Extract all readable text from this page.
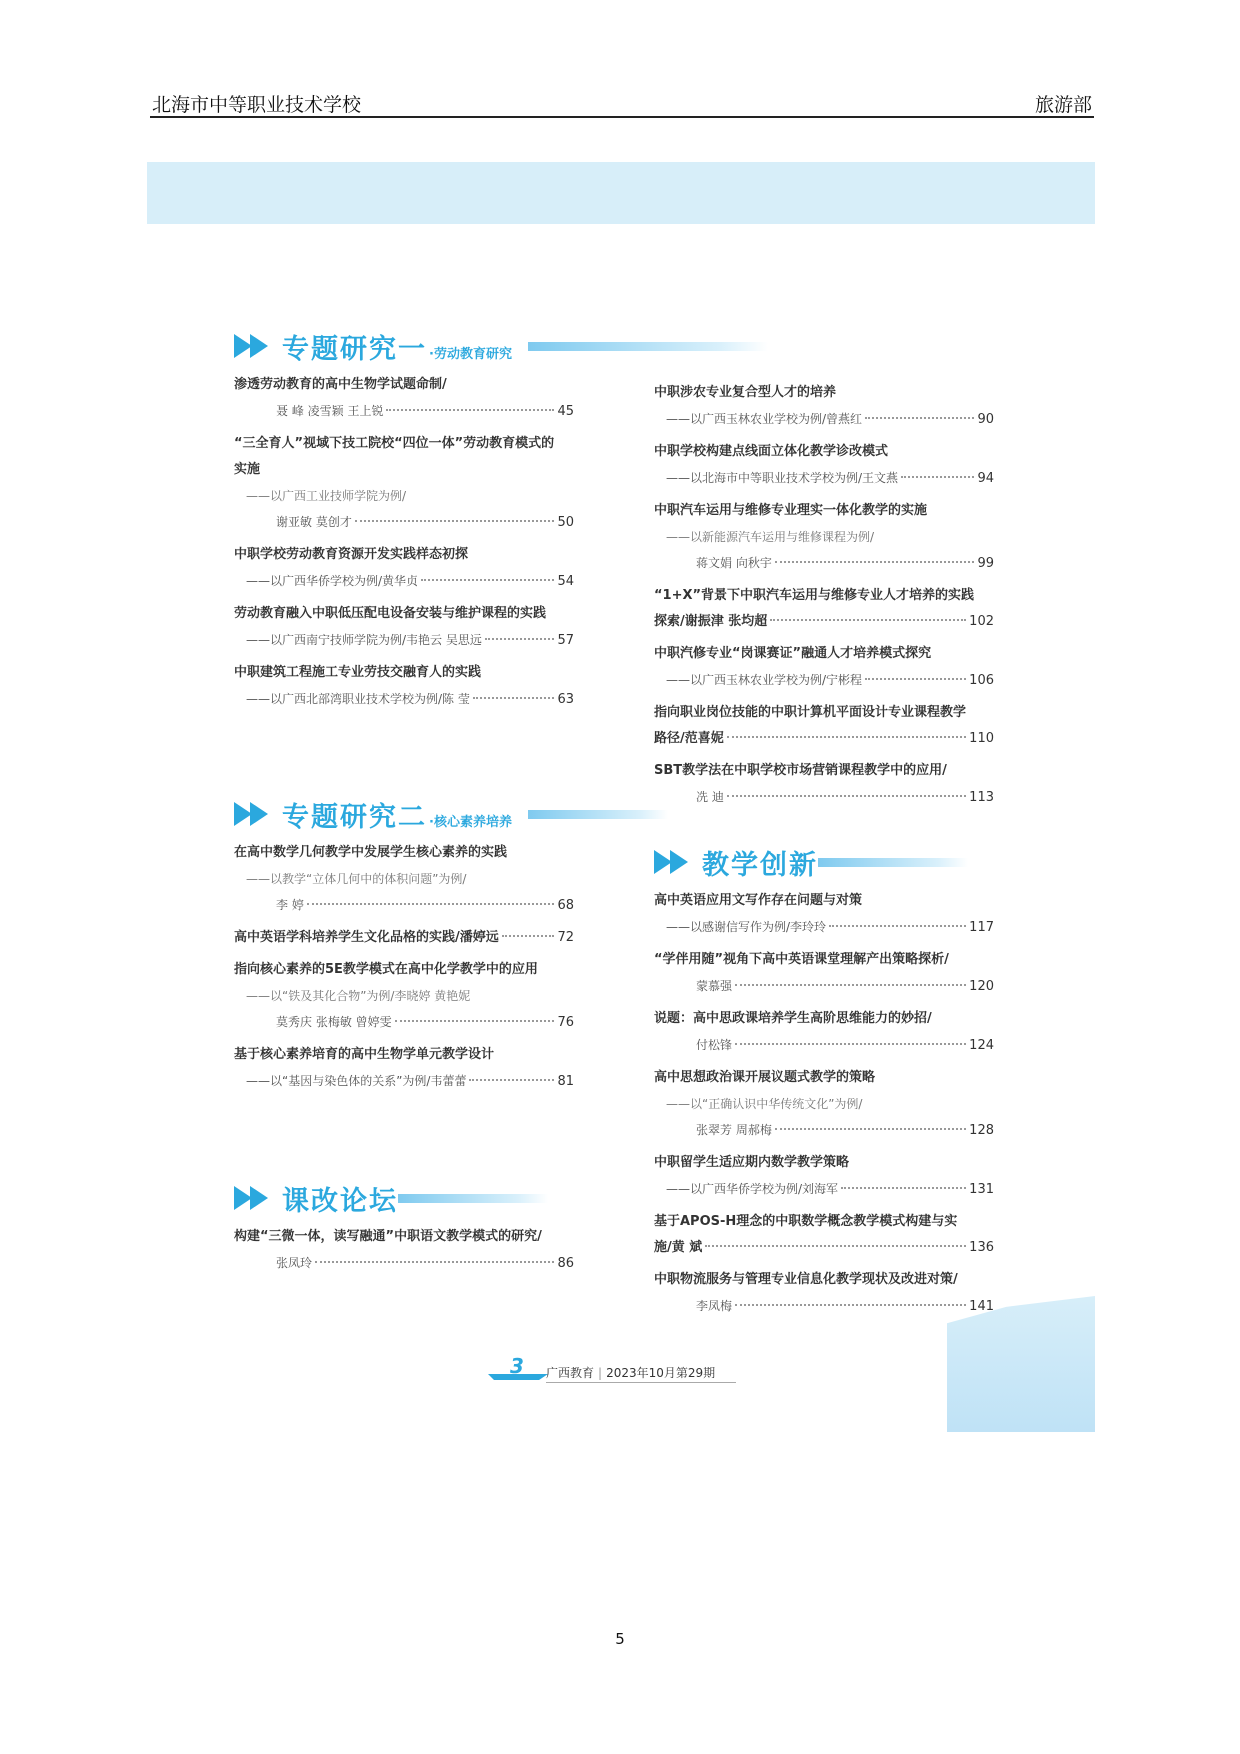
北海市中等职业技术学校	旅游部
专题研究一 ·劳动教育研究
渗透劳动教育的高中生物学试题命制/
聂 峰 凌雪颖 王上锐	45
“三全育人”视域下技工院校“四位一体”劳动教育模式的
实施
——以广西工业技师学院为例/
谢亚敏 莫创才	50
中职学校劳动教育资源开发实践样态初探
——以广西华侨学校为例/黄华贞	54
劳动教育融入中职低压配电设备安装与维护课程的实践
——以广西南宁技师学院为例/韦艳云 吴思远	57
中职建筑工程施工专业劳技交融育人的实践
——以广西北部湾职业技术学校为例/陈 莹	63
专题研究二 ·核心素养培养
在高中数学几何教学中发展学生核心素养的实践
——以教学“立体几何中的体积问题”为例/
李 婷	68
高中英语学科培养学生文化品格的实践/潘婷远	72
指向核心素养的5E教学模式在高中化学教学中的应用
——以“铁及其化合物”为例/李晓婷 黄艳妮
莫秀庆 张梅敏 曾婷雯	76
基于核心素养培育的高中生物学单元教学设计
——以“基因与染色体的关系”为例/韦蕾蕾	81
课改论坛
构建“三微一体，读写融通”中职语文教学模式的研究/
张凤玲	86
中职涉农专业复合型人才的培养
——以广西玉林农业学校为例/曾燕红	90
中职学校构建点线面立体化教学诊改模式
——以北海市中等职业技术学校为例/王文燕	94
中职汽车运用与维修专业理实一体化教学的实施
——以新能源汽车运用与维修课程为例/
蒋文娟 向秋宇	99
“1+X”背景下中职汽车运用与维修专业人才培养的实践
探索/谢振津 张均超	102
中职汽修专业“岗课赛证”融通人才培养模式探究
——以广西玉林农业学校为例/宁彬程	106
指向职业岗位技能的中职计算机平面设计专业课程教学
路径/范喜妮	110
SBT教学法在中职学校市场营销课程教学中的应用/
冼 迪	113
教学创新
高中英语应用文写作存在问题与对策
——以感谢信写作为例/李玲玲	117
“学伴用随”视角下高中英语课堂理解产出策略探析/
蒙慕强	120
说题：高中思政课培养学生高阶思维能力的妙招/
付松锋	124
高中思想政治课开展议题式教学的策略
——以“正确认识中华传统文化”为例/
张翠芳 周郝梅	128
中职留学生适应期内数学教学策略
——以广西华侨学校为例/刘海军	131
基于APOS-H理念的中职数学概念教学模式构建与实
施/黄 斌	136
中职物流服务与管理专业信息化教学现状及改进对策/
李凤梅	141
3 广西教育 | 2023年10月第29期
5
